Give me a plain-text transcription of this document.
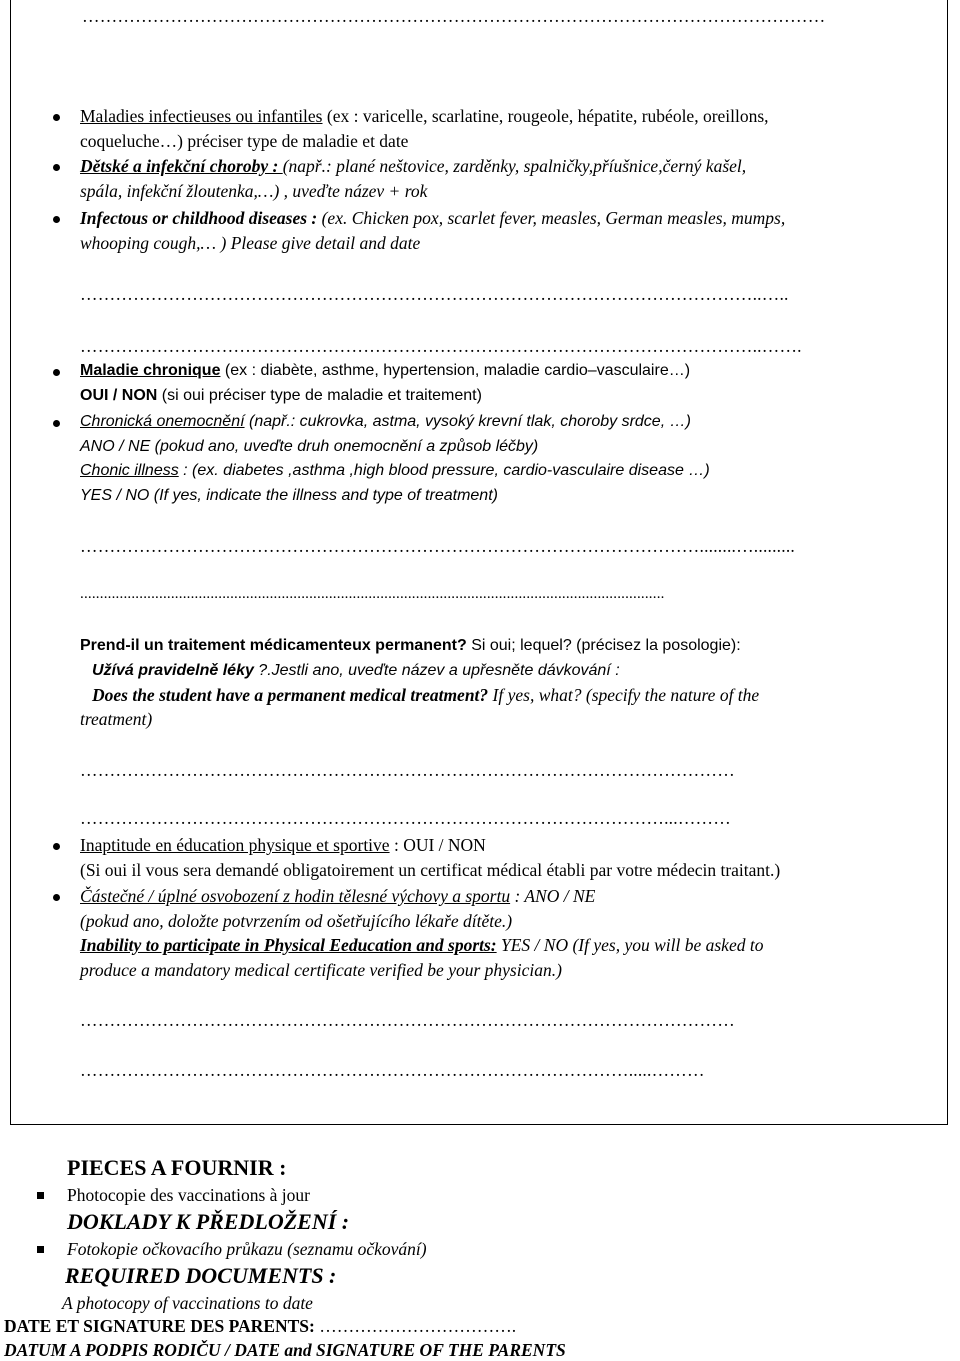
………………………………………………………………………………………………………………
Maladies infectieuses ou infantiles (ex : varicelle, scarlatine, rougeole, hépatite, rubéole, oreillons,
coqueluche…) préciser type de maladie et date
Dětské a infekční choroby : (např.: plané neštovice, zarděnky, spalničky,příušnice,černý kašel,
spála, infekční žloutenka,…) , uveďte název + rok
Infectous or childhood diseases : (ex. Chicken pox, scarlet fever, measles, German measles, mumps,
whooping cough,… ) Please give detail and date
……………………………………………………………………………………………………..…..
……………………………………………………………………………………………………..…….
Maladie chronique (ex : diabète, asthme, hypertension, maladie cardio–vasculaire…)
OUI / NON (si oui préciser type de maladie et traitement)
Chronická onemocnění (např.: cukrovka, astma, vysoký krevní tlak, choroby srdce, …)
ANO / NE (pokud ano, uveďte druh onemocnění a způsob léčby)
Chonic illness : (ex. diabetes ,asthma ,high blood pressure, cardio-vasculaire disease …)
YES / NO (If yes, indicate the illness and type of treatment)
……………………………………………………………………………………………........….........
....................................................................................................................................................
Prend-il un traitement médicamenteux permanent? Si oui; lequel? (précisez la posologie):
Užívá pravidelně léky ?.Jestli ano, uveďte název a upřesněte dávkování :
Does the student have a permanent medical treatment? If yes, what? (specify the nature of the
treatment)
…………………………………………………………………………………………………
………………………………………………………………………………………...………
Inaptitude en éducation physique et sportive : OUI / NON
(Si oui il vous sera demandé obligatoirement un certificat médical établi par votre médecin traitant.)
Částečné / úplné osvobození z hodin tělesné výchovy a sportu : ANO / NE
(pokud ano, doložte potvrzením od ošetřujícího lékaře dítěte.)
Inability to participate in Physical Eeducation and sports: YES / NO (If yes, you will be asked to
produce a mandatory medical certificate verified be your physician.)
…………………………………………………………………………………………………
………………………………………………………………………………….....………
PIECES A FOURNIR :
Photocopie des vaccinations à jour
DOKLADY K PŘEDLOŽENÍ :
Fotokopie očkovacího průkazu (seznamu očkování)
REQUIRED DOCUMENTS :
A photocopy of vaccinations to date
DATE ET SIGNATURE DES PARENTS: …………………………….
DATUM A PODPIS RODIČU / DATE and SIGNATURE OF THE PARENTS
